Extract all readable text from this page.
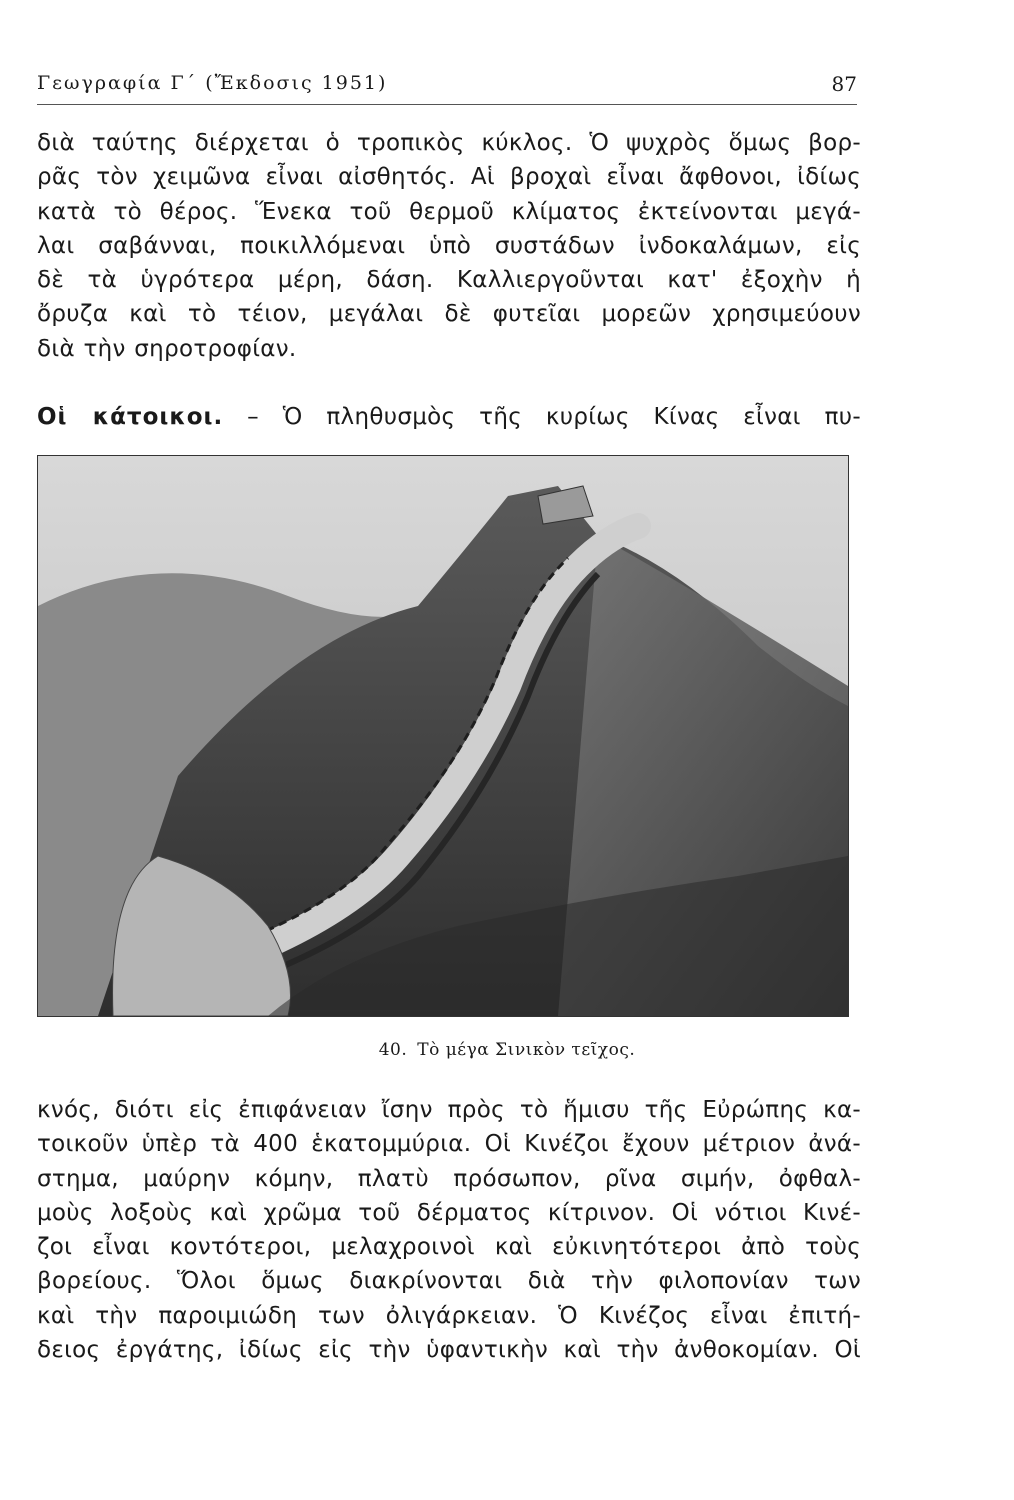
Γεωγραφία Γ΄ (Ἔκδοσις 1951)	87
διὰ ταύτης διέρχεται ὁ τροπικὸς κύκλος. Ὁ ψυχρὸς ὅμως βορ-
ρᾶς τὸν χειμῶνα εἶναι αἰσθητός. Αἱ βροχαὶ εἶναι ἄφθονοι, ἰδίως
κατὰ τὸ θέρος. Ἕνεκα τοῦ θερμοῦ κλίματος ἐκτείνονται μεγά-
λαι σαβάνναι, ποικιλλόμεναι ὑπὸ συστάδων ἰνδοκαλάμων, εἰς
δὲ τὰ ὑγρότερα μέρη, δάση. Καλλιεργοῦνται κατ' ἐξοχὴν ἡ
ὄρυζα καὶ τὸ τέιον, μεγάλαι δὲ φυτεῖαι μορεῶν χρησιμεύουν
διὰ τὴν σηροτροφίαν.
Οἱ κάτοικοι. – Ὁ πληθυσμὸς τῆς κυρίως Κίνας εἶναι πυ-
40. Τὸ μέγα Σινικὸν τεῖχος.
κνός, διότι εἰς ἐπιφάνειαν ἴσην πρὸς τὸ ἥμισυ τῆς Εὐρώπης κα-
τοικοῦν ὑπὲρ τὰ 400 ἑκατομμύρια. Οἱ Κινέζοι ἔχουν μέτριον ἀνά-
στημα, μαύρην κόμην, πλατὺ πρόσωπον, ρῖνα σιμήν, ὀφθαλ-
μοὺς λοξοὺς καὶ χρῶμα τοῦ δέρματος κίτρινον. Οἱ νότιοι Κινέ-
ζοι εἶναι κοντότεροι, μελαχροινοὶ καὶ εὐκινητότεροι ἀπὸ τοὺς
βορείους. Ὅλοι ὅμως διακρίνονται διὰ τὴν φιλοπονίαν των
καὶ τὴν παροιμιώδη των ὀλιγάρκειαν. Ὁ Κινέζος εἶναι ἐπιτή-
δειος ἐργάτης, ἰδίως εἰς τὴν ὑφαντικὴν καὶ τὴν ἀνθοκομίαν. Οἱ
